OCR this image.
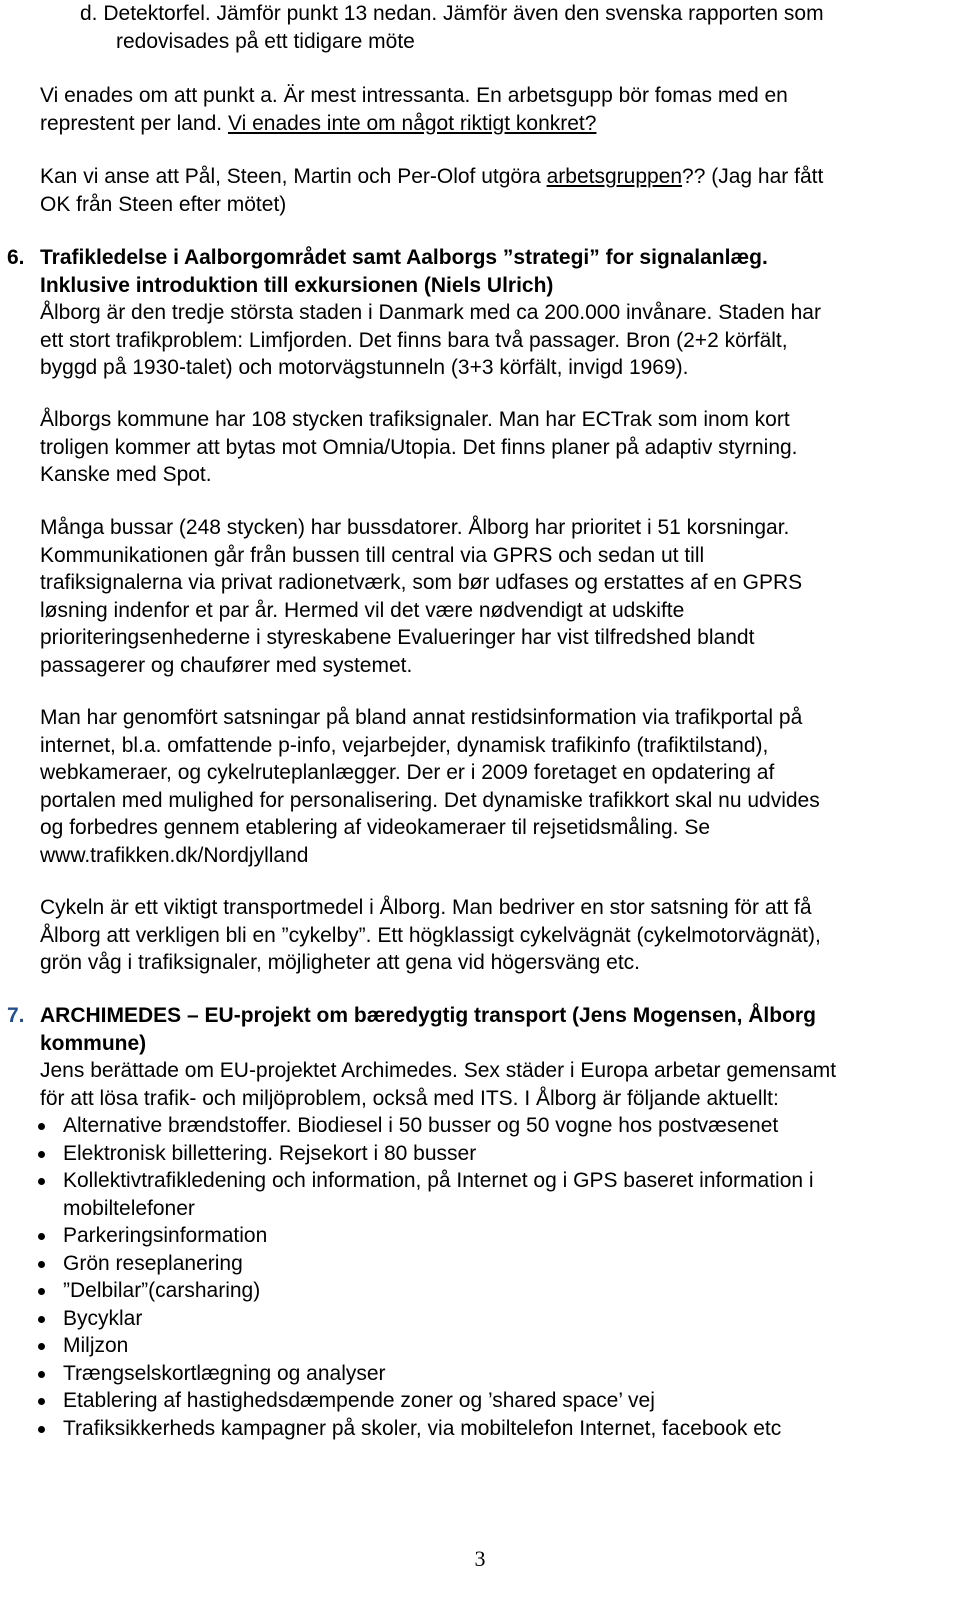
d. Detektorfel. Jämför punkt 13 nedan. Jämför även den svenska rapporten som

redovisades på ett tidigare möte

Vi enades om att punkt a. Är mest intressanta. En arbetsgupp bör fomas med en

represtent per land. Vi enades inte om något riktigt konkret?

Kan vi anse att Pål, Steen, Martin och Per-Olof utgöra arbetsgruppen?? (Jag har fått

OK från Steen efter mötet)

6. Trafikledelse i Aalborgområdet samt Aalborgs ”strategi” for signalanlæg.

Inklusive introduktion till exkursionen (Niels Ulrich)

Ålborg är den tredje största staden i Danmark med ca 200.000 invånare. Staden har

ett stort trafikproblem: Limfjorden. Det finns bara två passager. Bron (2+2 körfält,

byggd på 1930-talet) och motorvägstunneln (3+3 körfält, invigd 1969).

Ålborgs kommune har 108 stycken trafiksignaler. Man har ECTrak som inom kort

troligen kommer att bytas mot Omnia/Utopia. Det finns planer på adaptiv styrning.

Kanske med Spot.

Många bussar (248 stycken) har bussdatorer. Ålborg har prioritet i 51 korsningar.

Kommunikationen går från bussen till central via GPRS och sedan ut till

trafiksignalerna via privat radionetværk, som bør udfases og erstattes af en GPRS

løsning indenfor et par år. Hermed vil det være nødvendigt at udskifte

prioriteringsenhederne i styreskabene Evalueringer har vist tilfredshed blandt

passagerer og chaufører med systemet.

Man har genomfört satsningar på bland annat restidsinformation via trafikportal på

internet, bl.a. omfattende p-info, vejarbejder, dynamisk trafikinfo (trafiktilstand),

webkameraer, og cykelruteplanlægger. Der er i 2009 foretaget en opdatering af

portalen med mulighed for personalisering. Det dynamiske trafikkort skal nu udvides

og forbedres gennem etablering af videokameraer til rejsetidsmåling. Se

www.trafikken.dk/Nordjylland

Cykeln är ett viktigt transportmedel i Ålborg. Man bedriver en stor satsning för att få

Ålborg att verkligen bli en ”cykelby”. Ett högklassigt cykelvägnät (cykelmotorvägnät),

grön våg i trafiksignaler, möjligheter att gena vid högersväng etc.

7. ARCHIMEDES – EU-projekt om bæredygtig transport (Jens Mogensen, Ålborg

kommune)

Jens berättade om EU-projektet Archimedes. Sex städer i Europa arbetar gemensamt

för att lösa trafik- och miljöproblem, också med ITS. I Ålborg är följande aktuellt:

Alternative brændstoffer. Biodiesel i 50 busser og 50 vogne hos postvæsenet
Elektronisk billettering. Rejsekort i 80 busser
Kollektivtrafikledening och information, på Internet og i GPS baseret information i mobiltelefoner
Parkeringsinformation
Grön reseplanering
”Delbilar”(carsharing)
Bycyklar
Miljzon
Trængselskortlægning og analyser
Etablering af hastighedsdæmpende zoner og ’shared space’ vej
Trafiksikkerheds kampagner på skoler, via mobiltelefon Internet, facebook etc
3
